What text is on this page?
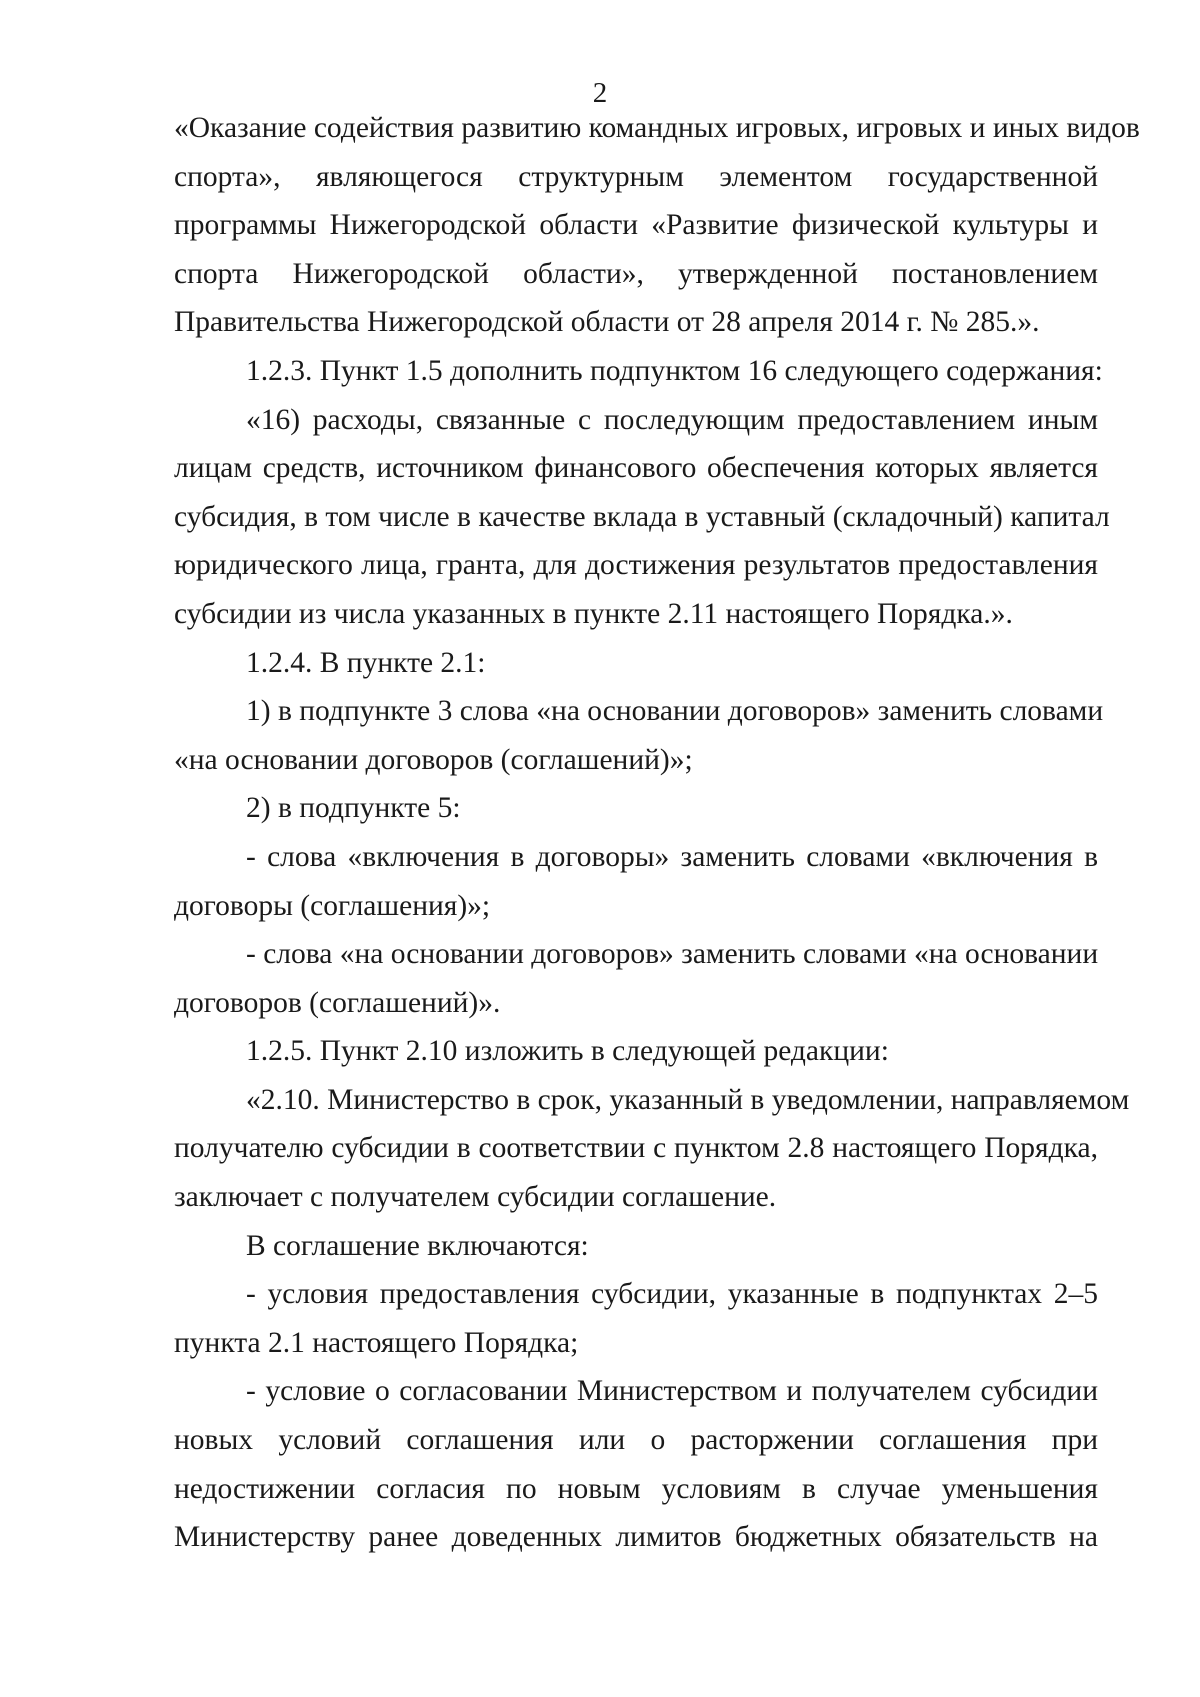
2
«Оказание содействия развитию командных игровых, игровых и иных видов
спорта», являющегося структурным элементом государственной
программы Нижегородской области «Развитие физической культуры и
спорта Нижегородской области», утвержденной постановлением
Правительства Нижегородской области от 28 апреля 2014 г. № 285.».
1.2.3. Пункт 1.5 дополнить подпунктом 16 следующего содержания:
«16) расходы, связанные с последующим предоставлением иным
лицам средств, источником финансового обеспечения которых является
субсидия, в том числе в качестве вклада в уставный (складочный) капитал
юридического лица, гранта, для достижения результатов предоставления
субсидии из числа указанных в пункте 2.11 настоящего Порядка.».
1.2.4. В пункте 2.1:
1) в подпункте 3 слова «на основании договоров» заменить словами
«на основании договоров (соглашений)»;
2) в подпункте 5:
- слова «включения в договоры» заменить словами «включения в
договоры (соглашения)»;
- слова «на основании договоров» заменить словами «на основании
договоров (соглашений)».
1.2.5. Пункт 2.10 изложить в следующей редакции:
«2.10. Министерство в срок, указанный в уведомлении, направляемом
получателю субсидии в соответствии с пунктом 2.8 настоящего Порядка,
заключает с получателем субсидии соглашение.
В соглашение включаются:
- условия предоставления субсидии, указанные в подпунктах 2–5
пункта 2.1 настоящего Порядка;
- условие о согласовании Министерством и получателем субсидии
новых условий соглашения или о расторжении соглашения при
недостижении согласия по новым условиям в случае уменьшения
Министерству ранее доведенных лимитов бюджетных обязательств на
